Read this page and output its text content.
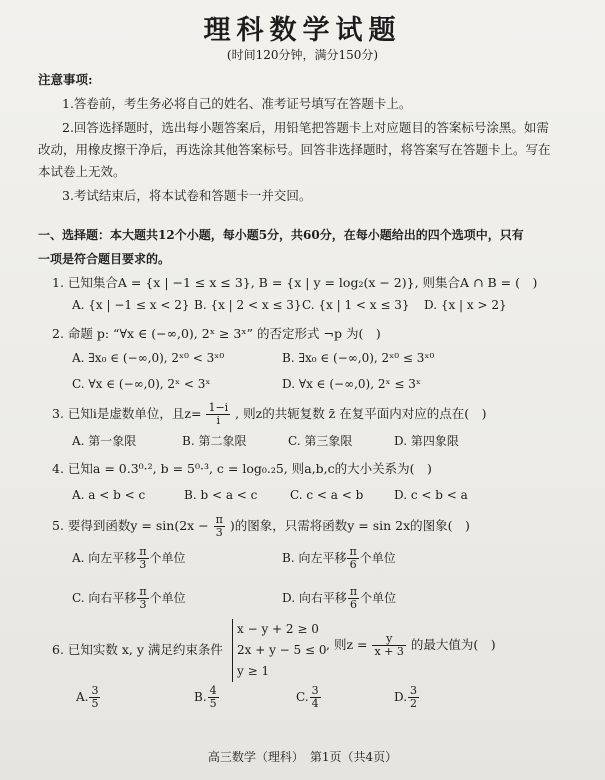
理科数学试题
(时间120分钟，满分150分)
注意事项:
1.答卷前，考生务必将自己的姓名、准考证号填写在答题卡上。
2.回答选择题时，选出每小题答案后，用铅笔把答题卡上对应题目的答案标号涂黑。如需
改动，用橡皮擦干净后，再选涂其他答案标号。回答非选择题时，将答案写在答题卡上。写在
本试卷上无效。
3.考试结束后，将本试卷和答题卡一并交回。
一、选择题：本大题共12个小题，每小题5分，共60分，在每小题给出的四个选项中，只有
一项是符合题目要求的。
1. 已知集合A = {x | −1 ≤ x ≤ 3}, B = {x | y = log₂(x − 2)}, 则集合A ∩ B = (　)
A. {x | −1 ≤ x < 2} B. {x | 2 < x ≤ 3} C. {x | 1 < x ≤ 3} D. {x | x > 2}
2. 命题 p: “∀x ∈ (−∞,0), 2ˣ ≥ 3ˣ” 的否定形式 ¬p 为(　)
A. ∃x₀ ∈ (−∞,0), 2ˣ⁰ < 3ˣ⁰	B. ∃x₀ ∈ (−∞,0), 2ˣ⁰ ≤ 3ˣ⁰
C. ∀x ∈ (−∞,0), 2ˣ < 3ˣ	D. ∀x ∈ (−∞,0), 2ˣ ≤ 3ˣ
3. 已知i是虚数单位，且$z= \frac{1-i}{i}$ , 则z的共轭复数 z̄ 在复平面内对应的点在(　)
A. 第一象限	B. 第二象限	C. 第三象限	D. 第四象限
4. 已知a = 0.3⁰·², b = 5⁰·³, c = log₀.₂5, 则a,b,c的大小关系为(　)
A. a < b < c	B. b < a < c	C. c < a < b	D. c < b < a
5. 要得到函数$y = \sin(2x - \frac{\pi}{3}$ )的图象，只需将函数y = sin 2x的图象(　)
A. 向左平移 $\frac{\pi}{3}$ 个单位	B. 向左平移 $\frac{\pi}{6}$ 个单位
C. 向右平移 $\frac{\pi}{3}$ 个单位	D. 向右平移 $\frac{\pi}{6}$ 个单位
6. 已知实数 x, y 满足约束条件
x − y + 2 ≥ 0
2x + y − 5 ≤ 0
y ≥ 1
, 则$z = \frac{y}{x + 3}$ 的最大值为(　)
A. $\frac{3}{5}$	B. $\frac{4}{5}$	C. $\frac{3}{4}$	D. $\frac{3}{2}$
高三数学（理科）　第1页（共4页）
